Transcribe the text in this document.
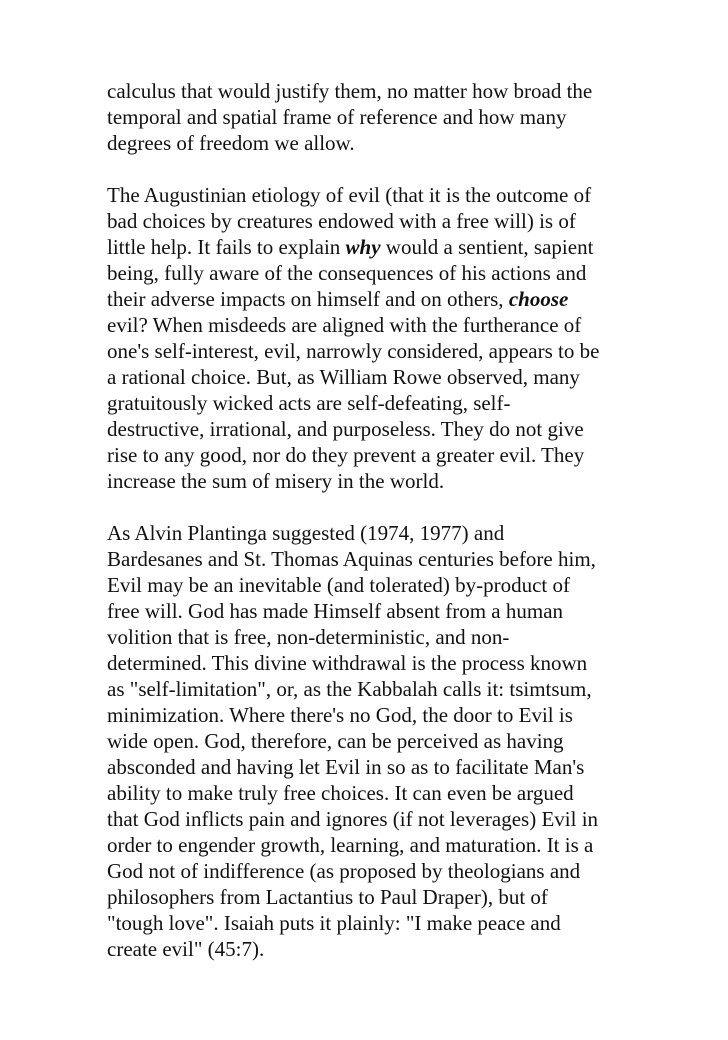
calculus that would justify them, no matter how broad the
temporal and spatial frame of reference and how many
degrees of freedom we allow.

The Augustinian etiology of evil (that it is the outcome of
bad choices by creatures endowed with a free will) is of
little help. It fails to explain why would a sentient, sapient
being, fully aware of the consequences of his actions and
their adverse impacts on himself and on others, choose
evil? When misdeeds are aligned with the furtherance of
one's self-interest, evil, narrowly considered, appears to be
a rational choice. But, as William Rowe observed, many
gratuitously wicked acts are self-defeating, self-
destructive, irrational, and purposeless. They do not give
rise to any good, nor do they prevent a greater evil. They
increase the sum of misery in the world.

As Alvin Plantinga suggested (1974, 1977) and
Bardesanes and St. Thomas Aquinas centuries before him,
Evil may be an inevitable (and tolerated) by-product of
free will. God has made Himself absent from a human
volition that is free, non-deterministic, and non-
determined. This divine withdrawal is the process known
as "self-limitation", or, as the Kabbalah calls it: tsimtsum,
minimization. Where there's no God, the door to Evil is
wide open. God, therefore, can be perceived as having
absconded and having let Evil in so as to facilitate Man's
ability to make truly free choices. It can even be argued
that God inflicts pain and ignores (if not leverages) Evil in
order to engender growth, learning, and maturation. It is a
God not of indifference (as proposed by theologians and
philosophers from Lactantius to Paul Draper), but of
"tough love". Isaiah puts it plainly: "I make peace and
create evil" (45:7).
